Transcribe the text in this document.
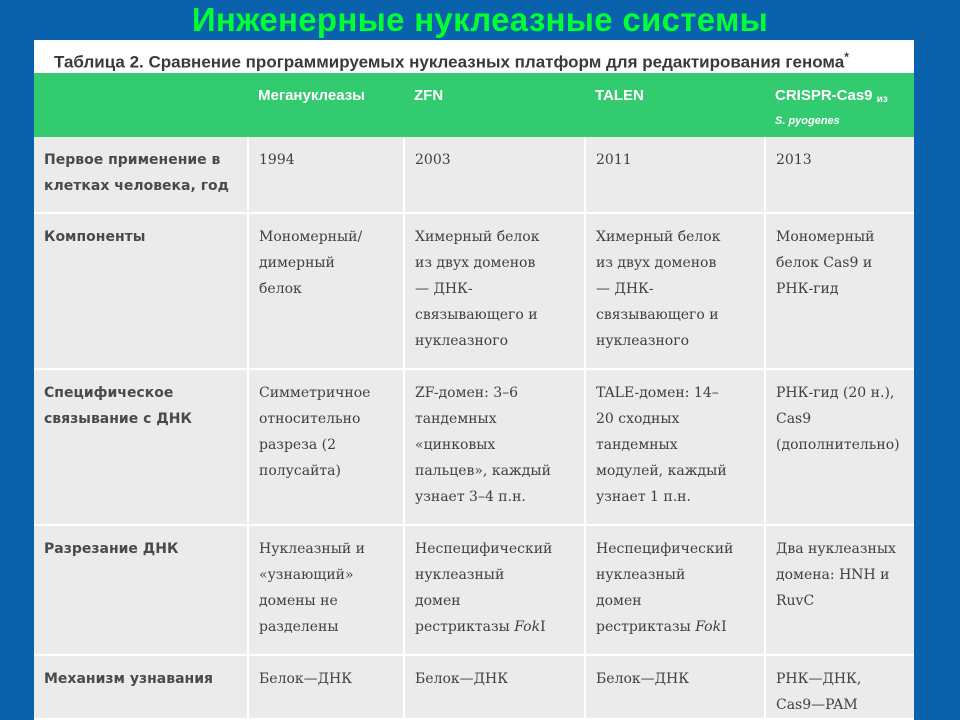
Инженерные нуклеазные системы
Таблица 2. Сравнение программируемых нуклеазных платформ для редактирования генома*
	Мегануклеазы	ZFN	TALEN	CRISPR-Cas9 из
S. pyogenes

Первое применение в
клетках человека, год	1994	2003	2011	2013

Компоненты	Мономерный/
димерный
белок	Химерный белок
из двух доменов
— ДНК-
связывающего и
нуклеазного	Химерный белок
из двух доменов
— ДНК-
связывающего и
нуклеазного	Мономерный
белок Cas9 и
РНК-гид

Специфическое
связывание с ДНК	Симметричное
относительно
разреза (2
полусайта)	ZF-домен: 3–6
тандемных
«цинковых
пальцев», каждый
узнает 3–4 п.н.	TALE-домен: 14–
20 сходных
тандемных
модулей, каждый
узнает 1 п.н.	РНК-гид (20 н.),
Cas9
(дополнительно)

Разрезание ДНК	Нуклеазный и
«узнающий»
домены не
разделены	Неспецифический
нуклеазный
домен
рестриктазы FokI	Неспецифический
нуклеазный
домен
рестриктазы FokI	Два нуклеазных
домена: HNH и
RuvC

Механизм узнавания	Белок—ДНК	Белок—ДНК	Белок—ДНК	РНК—ДНК,
Cas9—PAM
